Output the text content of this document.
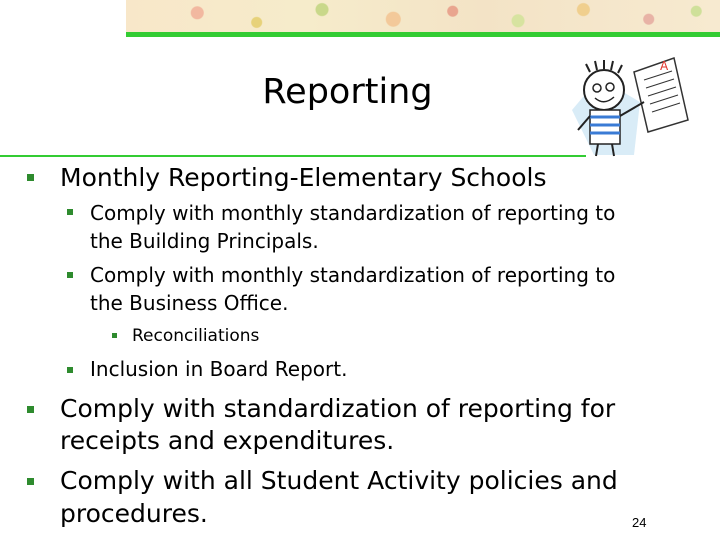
Reporting
A
Monthly Reporting-Elementary Schools
Comply with monthly standardization of reporting to
the Building Principals.
Comply with monthly standardization of reporting to
the Business Office.
Reconciliations
Inclusion in Board Report.
Comply with standardization of reporting for
receipts and expenditures.
Comply with all Student Activity policies and
procedures.	24
